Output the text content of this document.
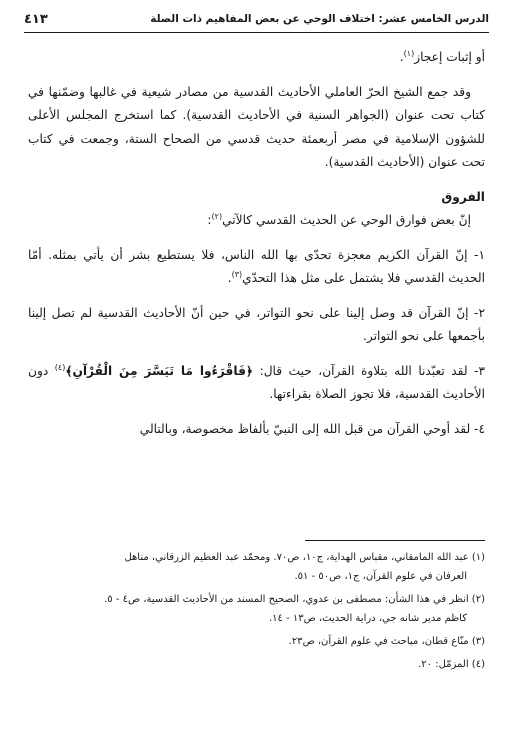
الدرس الخامس عشر: اختلاف الوحي عن بعض المفاهيم ذات الصلة
٤١٣

أو إثبات إعجاز$^{(١)}$.

وقد جمع الشيخ الحرّ العاملي الأحاديث القدسية من مصادر شيعية في غالبها وضمّنها في كتاب تحت عنوان (الجواهر السنية في الأحاديث القدسية). كما استخرج المجلس الأعلى للشؤون الإسلامية في مصر أربعمئة حديث قدسي من الصحاح الستة، وجمعت في كتاب تحت عنوان (الأحاديث القدسية).

الفروق

إنّ بعض فوارق الوحي عن الحديث القدسي كالآتي$^{(٢)}$:

١- إنّ القرآن الكريم معجزة تحدّى بها الله الناس، فلا يستطيع بشر أن يأتي بمثله. أمّا الحديث القدسي فلا يشتمل على مثل هذا التحدّي$^{(٣)}$.

٢- إنّ القرآن قد وصل إلينا على نحو التواتر، في حين أنّ الأحاديث القدسية لم تصل إلينا بأجمعها على نحو التواتر.

٣- لقد تعبّدنا الله بتلاوة القرآن، حيث قال: ﴿فَاقْرَءُوا مَا تَيَسَّرَ مِنَ الْقُرْآنِ﴾$^{(٤)}$ دون الأحاديث القدسية، فلا تجوز الصلاة بقراءتها.

٤- لقد أوحي القرآن من قبل الله إلى النبيّ بألفاظ مخصوصة، وبالتالي

(١) عبد الله المامقاني، مقباس الهداية، ج١٠، ص٧٠. ومحمّد عبد العظيم الزرقاني، مناهل
العرفان في علوم القرآن، ج١، ص٥٠ - ٥١.

(٢) انظر في هذا الشأن: مصطفى بن عدوي، الصحيح المسند من الأحاديث القدسية، ص٤ - ٥.
كاظم مدير شانه جي، دراية الحديث، ص١٣ - ١٤.

(٣) منّاع قطان، مباحث في علوم القرآن، ص٢٣.

(٤) المزمّل: ٢٠.
